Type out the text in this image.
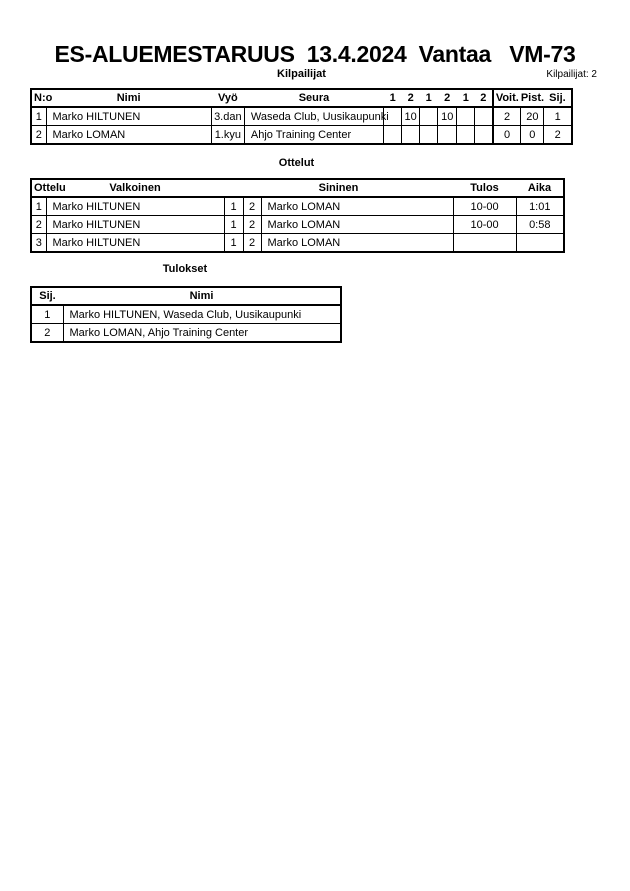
ES-ALUEMESTARUUS  13.4.2024  Vantaa   VM-73
Kilpailijat	Kilpailijat: 2
N:o	Nimi	Vyö	Seura	1	2	1	2	1	2	Voit.	Pist.	Sij.
1	Marko HILTUNEN	3.dan	Waseda Club, Uusikaupunki		10		10			2	20	1
2	Marko LOMAN	1.kyu	Ahjo Training Center							0	0	2
Ottelut
Ottelu	Valkoinen	Sininen			Tulos	Aika
1	Marko HILTUNEN	1	2	Marko LOMAN	10-00	1:01
2	Marko HILTUNEN	1	2	Marko LOMAN	10-00	0:58
3	Marko HILTUNEN	1	2	Marko LOMAN		
Tulokset
Sij.	Nimi
1	Marko HILTUNEN, Waseda Club, Uusikaupunki
2	Marko LOMAN, Ahjo Training Center
